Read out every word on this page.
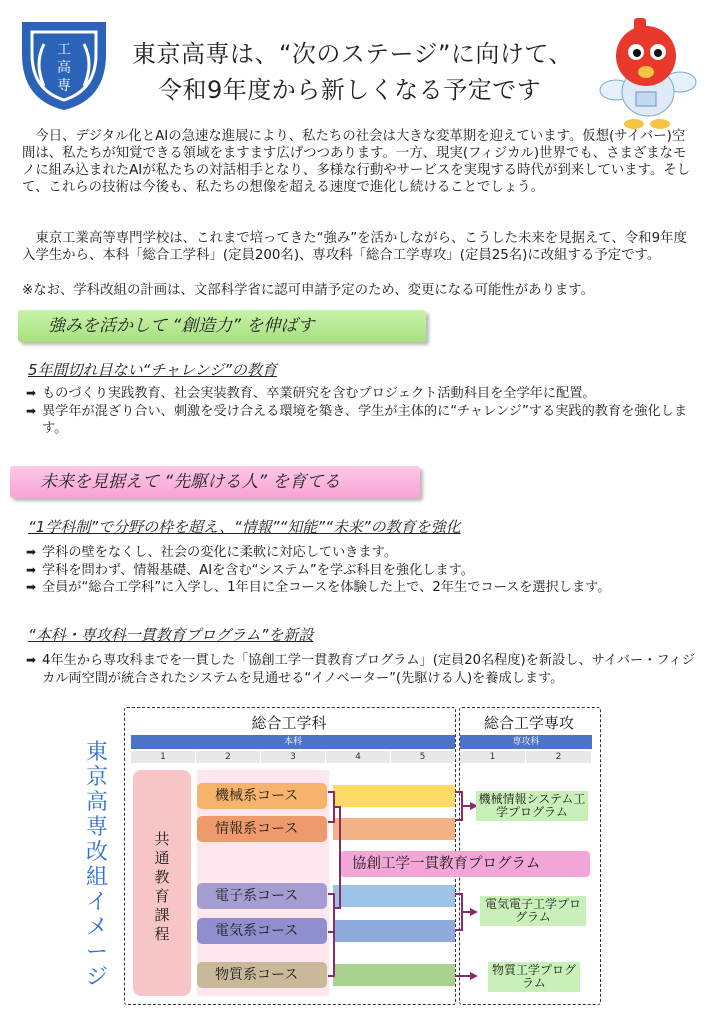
工
高
専
東京高専は、“次のステージ”に向けて、
令和9年度から新しくなる予定です
　今日、デジタル化とAIの急速な進展により、私たちの社会は大きな変革期を迎えています。仮想(サイバー)空間は、私たちが知覚できる領域をますます広げつつあります。一方、現実(フィジカル)世界でも、さまざまなモノに組み込まれたAIが私たちの対話相手となり、多様な行動やサービスを実現する時代が到来しています。そして、これらの技術は今後も、私たちの想像を超える速度で進化し続けることでしょう。
　東京工業高等専門学校は、これまで培ってきた“強み”を活かしながら、こうした未来を見据えて、令和9年度入学生から、本科「総合工学科」(定員200名)、専攻科「総合工学専攻」(定員25名)に改組する予定です。
※なお、学科改組の計画は、文部科学省に認可申請予定のため、変更になる可能性があります。
強みを活かして “創造力” を伸ばす
5年間切れ目ない“チャレンジ”の教育
➡ ものづくり実践教育、社会実装教育、卒業研究を含むプロジェクト活動科目を全学年に配置。
➡ 異学年が混ざり合い、刺激を受け合える環境を築き、学生が主体的に“チャレンジ”する実践的教育を強化します。
未来を見据えて “先駆ける人” を育てる
“1学科制”で分野の枠を超え、“情報”“知能”“未来”の教育を強化
➡ 学科の壁をなくし、社会の変化に柔軟に対応していきます。
➡ 学科を問わず、情報基礎、AIを含む“システム”を学ぶ科目を強化します。
➡ 全員が“総合工学科”に入学し、1年目に全コースを体験した上で、2年生でコースを選択します。
“本科・専攻科一貫教育プログラム”を新設
➡ 4年生から専攻科までを一貫した「協創工学一貫教育プログラム」(定員20名程度)を新設し、サイバー・フィジカル両空間が統合されたシステムを見通せる“イノベーター”(先駆ける人)を養成します。
東京高専改組イメージ
総合工学科	総合工学専攻
本科	専攻科
1	2	3	4	5	1	2
共通教育課程
機械系コース
情報系コース
電子系コース
電気系コース
物質系コース
協創工学一貫教育プログラム
機械情報システム工学プログラム
電気電子工学プログラム
物質工学プログラム
